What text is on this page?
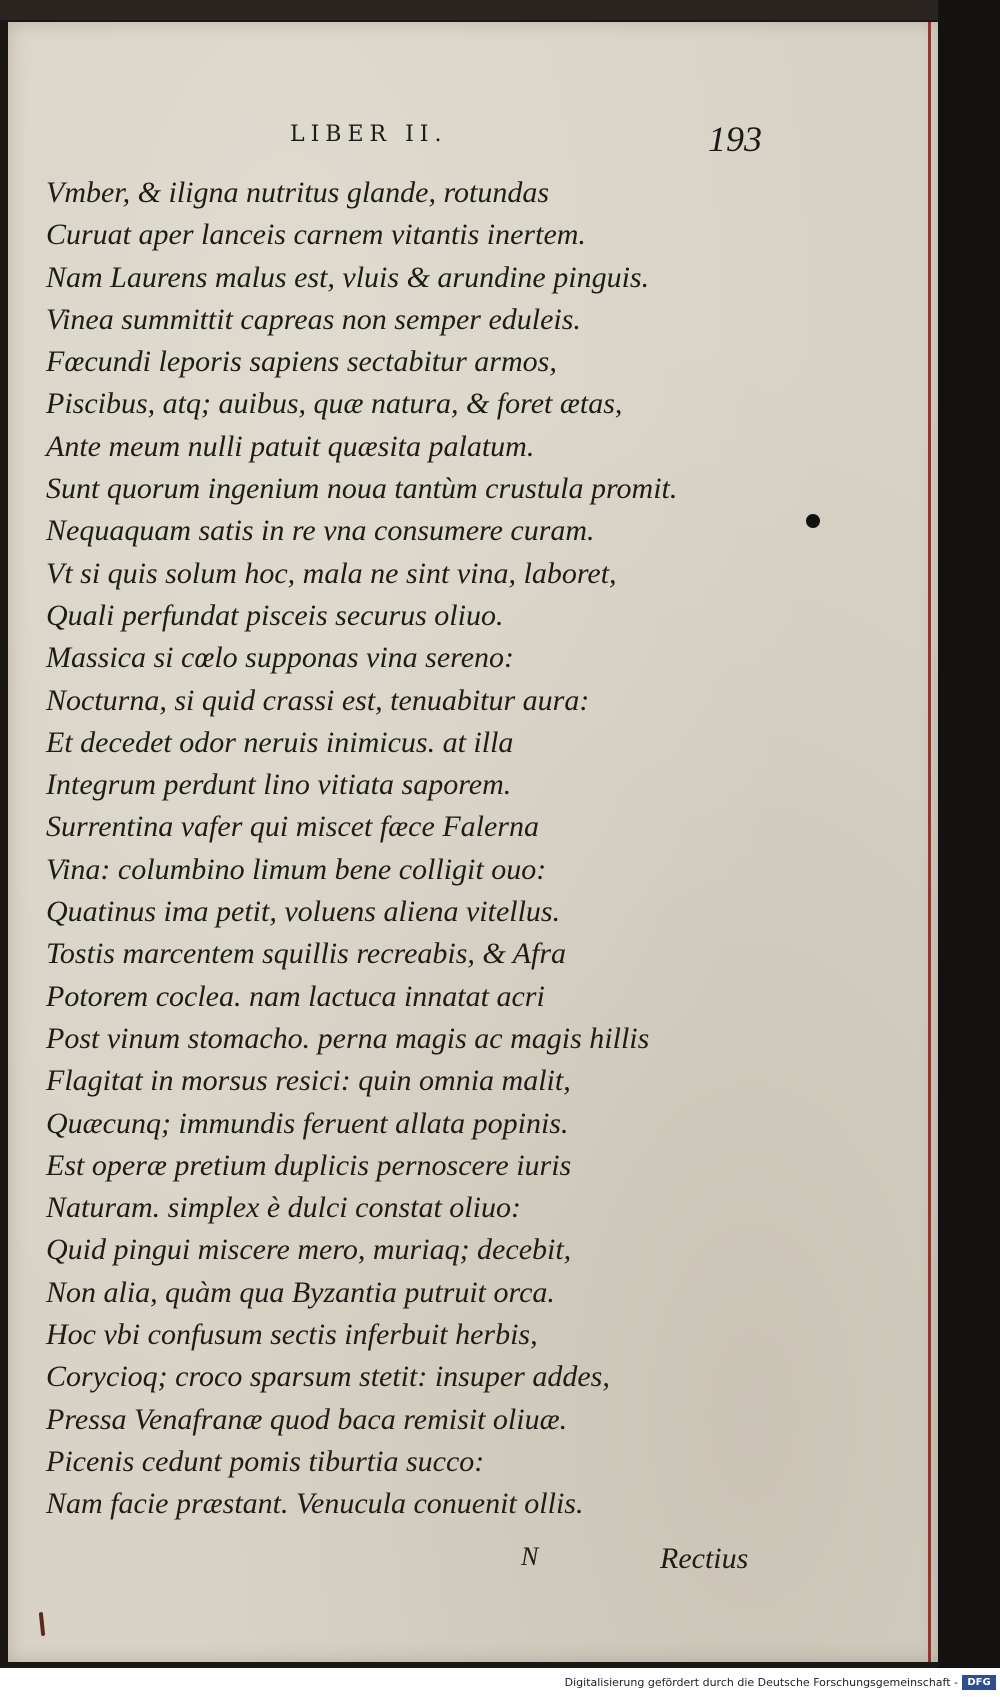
LIBER II.	193
Vmber, & iligna nutritus glande, rotundas
Curuat aper lanceis carnem vitantis inertem.
Nam Laurens malus est, vluis & arundine pinguis.
Vinea summittit capreas non semper eduleis.
Fœcundi leporis sapiens sectabitur armos,
Piscibus, atq; auibus, quæ natura, & foret ætas,
Ante meum nulli patuit quæsita palatum.
Sunt quorum ingenium noua tantùm crustula promit.
Nequaquam satis in re vna consumere curam.
Vt si quis solum hoc, mala ne sint vina, laboret,
Quali perfundat pisceis securus oliuo.
Massica si cœlo supponas vina sereno:
Nocturna, si quid crassi est, tenuabitur aura:
Et decedet odor neruis inimicus. at illa
Integrum perdunt lino vitiata saporem.
Surrentina vafer qui miscet fæce Falerna
Vina: columbino limum bene colligit ouo:
Quatinus ima petit, voluens aliena vitellus.
Tostis marcentem squillis recreabis, & Afra
Potorem coclea. nam lactuca innatat acri
Post vinum stomacho. perna magis ac magis hillis
Flagitat in morsus resici: quin omnia malit,
Quæcunq; immundis feruent allata popinis.
Est operæ pretium duplicis pernoscere iuris
Naturam. simplex è dulci constat oliuo:
Quid pingui miscere mero, muriaq; decebit,
Non alia, quàm qua Byzantia putruit orca.
Hoc vbi confusum sectis inferbuit herbis,
Corycioq; croco sparsum stetit: insuper addes,
Pressa Venafranæ quod baca remisit oliuæ.
Picenis cedunt pomis tiburtia succo:
Nam facie præstant. Venucula conuenit ollis.
N	Rectius
Digitalisierung gefördert durch die Deutsche Forschungsgemeinschaft - DFG
